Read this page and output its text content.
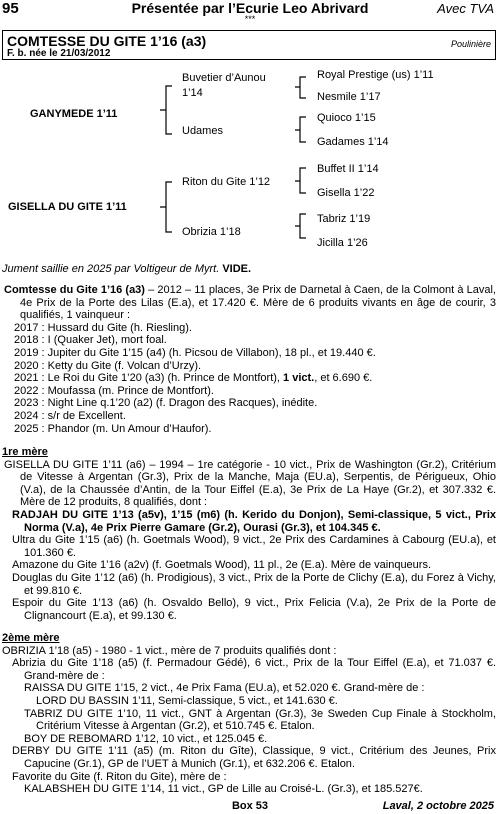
95	Présentée par l’Ecurie Leo Abrivard
***
Avec TVA
COMTESSE DU GITE 1’16 (a3)
F. b. née le 21/03/2012
Poulinière
GANYMEDE 1’11
GISELLA DU GITE 1’11
Buvetier d’Aunou
1’14
Udames
Riton du Gite 1’12
Obrizia 1’18
Royal Prestige (us) 1’11
Nesmile 1’17
Quioco 1’15
Gadames 1’14
Buffet II 1’14
Gisella 1’22
Tabriz 1’19
Jicilla 1’26
Jument saillie en 2025 par Voltigeur de Myrt. VIDE.

Comtesse du Gite 1’16 (a3) – 2012 – 11 places, 3e Prix de Darnetal à Caen, de la Colmont à Laval, 4e Prix de la Porte des Lilas (E.a), et 17.420 €. Mère de 6 produits vivants en âge de courir, 3 qualifiés, 1 vainqueur :

2017 : Hussard du Gite (h. Riesling).

2018 : I (Quaker Jet), mort foal.

2019 : Jupiter du Gite 1’15 (a4) (h. Picsou de Villabon), 18 pl., et 19.440 €.

2020 : Ketty du Gite (f. Volcan d’Urzy).

2021 : Le Roi du Gite 1’20 (a3) (h. Prince de Montfort), 1 vict., et 6.690 €.

2022 : Moufassa (m. Prince de Montfort).

2023 : Night Line q.1’20 (a2) (f. Dragon des Racques), inédite.

2024 : s/r de Excellent.

2025 : Phandor (m. Un Amour d’Haufor).

1re mère

GISELLA DU GITE 1’11 (a6) – 1994 – 1re catégorie - 10 vict., Prix de Washington (Gr.2), Critérium de Vitesse à Argentan (Gr.3), Prix de la Manche, Maja (EU.a), Serpentis, de Périgueux, Ohio (V.a), de la Chaussée d’Antin, de la Tour Eiffel (E.a), 3e Prix de La Haye (Gr.2), et 307.332 €. Mère de 12 produits, 8 qualifiés, dont :

RADJAH DU GITE 1’13 (a5v), 1’15 (m6) (h. Kerido du Donjon), Semi-classique, 5 vict., Prix Norma (V.a), 4e Prix Pierre Gamare (Gr.2), Ourasi (Gr.3), et 104.345 €.

Ultra du Gite 1’15 (a6) (h. Goetmals Wood), 9 vict., 2e Prix des Cardamines à Cabourg (EU.a), et 101.360 €.

Amazone du Gite 1’16 (a2v) (f. Goetmals Wood), 11 pl., 2e (E.a). Mère de vainqueurs.

Douglas du Gite 1’12 (a6) (h. Prodigious), 3 vict., Prix de la Porte de Clichy (E.a), du Forez à Vichy, et 99.810 €.

Espoir du Gite 1’13 (a6) (h. Osvaldo Bello), 9 vict., Prix Felicia (V.a), 2e Prix de la Porte de Clignancourt (E.a), et 99.130 €.

2ème mère

OBRIZIA 1’18 (a5) - 1980 - 1 vict., mère de 7 produits qualifiés dont :

Abrizia du Gite 1’18 (a5) (f. Permadour Gédé), 6 vict., Prix de la Tour Eiffel (E.a), et 71.037 €. Grand-mère de :

RAISSA DU GITE 1’15, 2 vict., 4e Prix Fama (EU.a), et 52.020 €. Grand-mère de :

LORD DU BASSIN 1’11, Semi-classique, 5 vict., et 141.630 €.

TABRIZ DU GITE 1’10, 11 vict., GNT à Argentan (Gr.3), 3e Sweden Cup Finale à Stockholm, Critérium Vitesse à Argentan (Gr.2), et 510.745 €. Etalon.

BOY DE REBOMARD 1’12, 10 vict., et 125.045 €.

DERBY DU GITE 1’11 (a5) (m. Riton du Gîte), Classique, 9 vict., Critérium des Jeunes, Prix Capucine (Gr.1), GP de l’UET à Munich (Gr.1), et 632.206 €. Etalon.

Favorite du Gite (f. Riton du Gite), mère de :

KALABSHEH DU GITE 1’14, 11 vict., GP de Lille au Croisé-L. (Gr.3), et 185.527€.

Box 53	Laval, 2 octobre 2025
